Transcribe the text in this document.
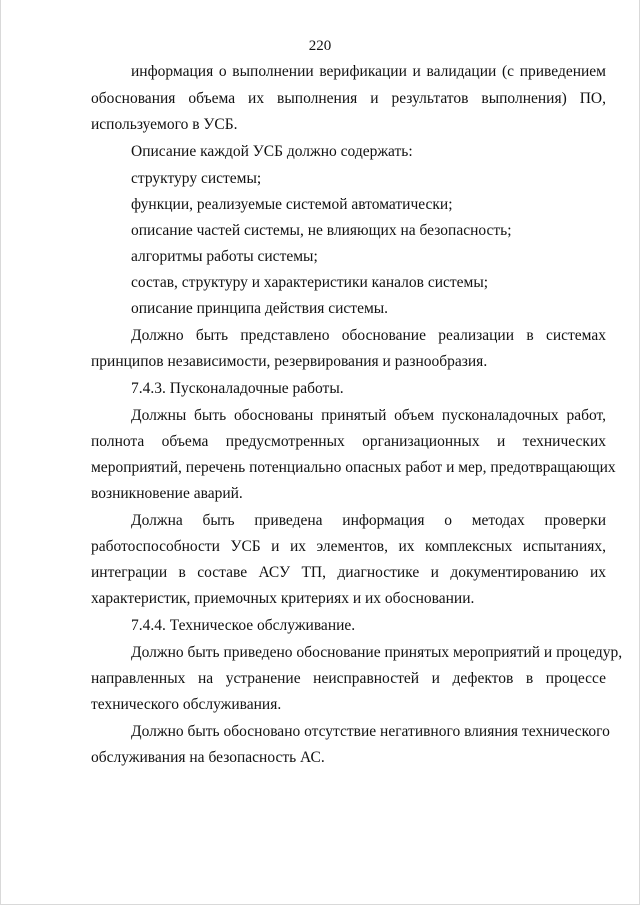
220
информация о выполнении верификации и валидации (с приведением
обоснования объема их выполнения и результатов выполнения) ПО,
используемого в УСБ.
Описание каждой УСБ должно содержать:
структуру системы;
функции, реализуемые системой автоматически;
описание частей системы, не влияющих на безопасность;
алгоритмы работы системы;
состав, структуру и характеристики каналов системы;
описание принципа действия системы.
Должно быть представлено обоснование реализации в системах
принципов независимости, резервирования и разнообразия.
7.4.3. Пусконаладочные работы.
Должны быть обоснованы принятый объем пусконаладочных работ,
полнота объема предусмотренных организационных и технических
мероприятий, перечень потенциально опасных работ и мер, предотвращающих
возникновение аварий.
Должна быть приведена информация о методах проверки
работоспособности УСБ и их элементов, их комплексных испытаниях,
интеграции в составе АСУ ТП, диагностике и документированию их
характеристик, приемочных критериях и их обосновании.
7.4.4. Техническое обслуживание.
Должно быть приведено обоснование принятых мероприятий и процедур,
направленных на устранение неисправностей и дефектов в процессе
технического обслуживания.
Должно быть обосновано отсутствие негативного влияния технического
обслуживания на безопасность АС.
